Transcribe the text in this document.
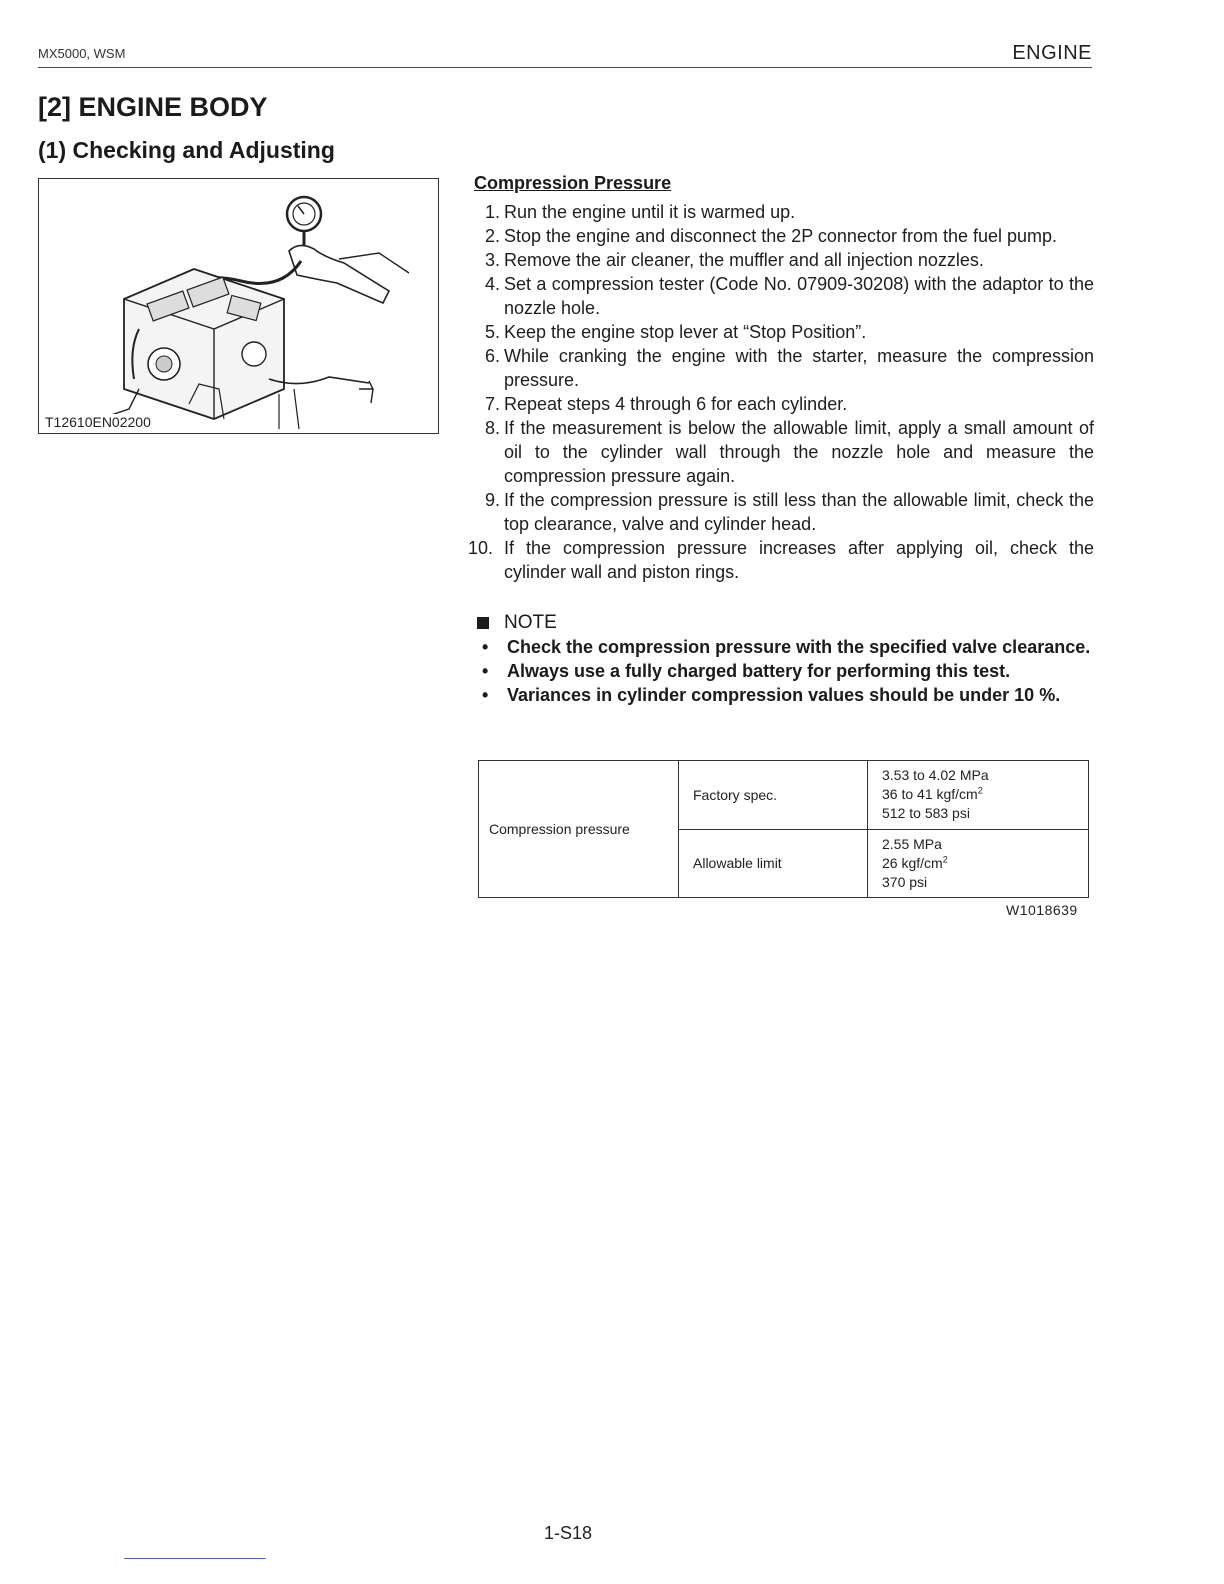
MX5000, WSM	ENGINE
[2] ENGINE BODY
(1) Checking and Adjusting
T12610EN02200
Compression Pressure
1. Run the engine until it is warmed up.
2. Stop the engine and disconnect the 2P connector from the fuel pump.
3. Remove the air cleaner, the muffler and all injection nozzles.
4. Set a compression tester (Code No. 07909-30208) with the adaptor to the nozzle hole.
5. Keep the engine stop lever at “Stop Position”.
6. While cranking the engine with the starter, measure the compression pressure.
7. Repeat steps 4 through 6 for each cylinder.
8. If the measurement is below the allowable limit, apply a small amount of oil to the cylinder wall through the nozzle hole and measure the compression pressure again.
9. If the compression pressure is still less than the allowable limit, check the top clearance, valve and cylinder head.
10. If the compression pressure increases after applying oil, check the cylinder wall and piston rings.
NOTE
• Check the compression pressure with the specified valve clearance.
• Always use a fully charged battery for performing this test.
• Variances in cylinder compression values should be under 10 %.
Compression pressure	Factory spec.	3.53 to 4.02 MPa
36 to 41 kgf/$cm^2$
512 to 583 psi

	Allowable limit	2.55 MPa
26 kgf/$cm^2$
370 psi
W1018639
1-S18
